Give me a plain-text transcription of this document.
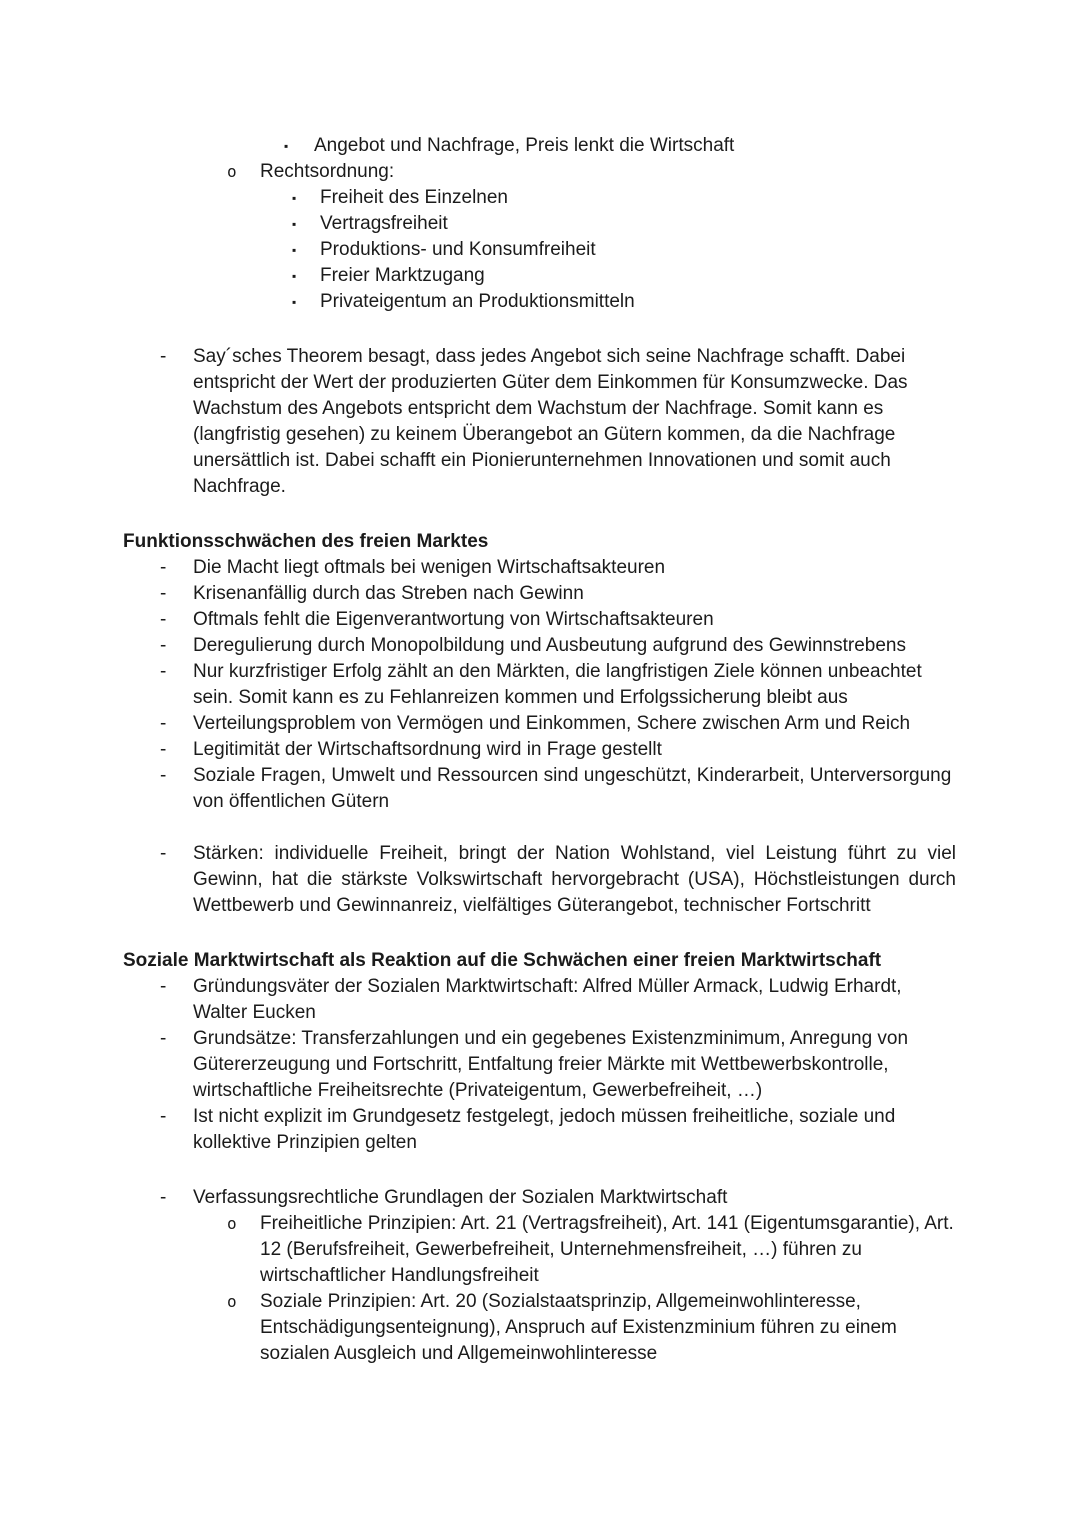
▪ Angebot und Nachfrage, Preis lenkt die Wirtschaft
o Rechtsordnung:
▪ Freiheit des Einzelnen
▪ Vertragsfreiheit
▪ Produktions- und Konsumfreiheit
▪ Freier Marktzugang
▪ Privateigentum an Produktionsmitteln
- Say´sches Theorem besagt, dass jedes Angebot sich seine Nachfrage schafft. Dabei entspricht der Wert der produzierten Güter dem Einkommen für Konsumzwecke. Das Wachstum des Angebots entspricht dem Wachstum der Nachfrage. Somit kann es (langfristig gesehen) zu keinem Überangebot an Gütern kommen, da die Nachfrage unersättlich ist. Dabei schafft ein Pionierunternehmen Innovationen und somit auch Nachfrage.
Funktionsschwächen des freien Marktes
- Die Macht liegt oftmals bei wenigen Wirtschaftsakteuren
- Krisenanfällig durch das Streben nach Gewinn
- Oftmals fehlt die Eigenverantwortung von Wirtschaftsakteuren
- Deregulierung durch Monopolbildung und Ausbeutung aufgrund des Gewinnstrebens
- Nur kurzfristiger Erfolg zählt an den Märkten, die langfristigen Ziele können unbeachtet sein. Somit kann es zu Fehlanreizen kommen und Erfolgssicherung bleibt aus
- Verteilungsproblem von Vermögen und Einkommen, Schere zwischen Arm und Reich
- Legitimität der Wirtschaftsordnung wird in Frage gestellt
- Soziale Fragen, Umwelt und Ressourcen sind ungeschützt, Kinderarbeit, Unterversorgung von öffentlichen Gütern
- Stärken: individuelle Freiheit, bringt der Nation Wohlstand, viel Leistung führt zu viel Gewinn, hat die stärkste Volkswirtschaft hervorgebracht (USA), Höchstleistungen durch Wettbewerb und Gewinnanreiz, vielfältiges Güterangebot, technischer Fortschritt
Soziale Marktwirtschaft als Reaktion auf die Schwächen einer freien Marktwirtschaft
- Gründungsväter der Sozialen Marktwirtschaft: Alfred Müller Armack, Ludwig Erhardt, Walter Eucken
- Grundsätze: Transferzahlungen und ein gegebenes Existenzminimum, Anregung von Gütererzeugung und Fortschritt, Entfaltung freier Märkte mit Wettbewerbskontrolle, wirtschaftliche Freiheitsrechte (Privateigentum, Gewerbefreiheit, …)
- Ist nicht explizit im Grundgesetz festgelegt, jedoch müssen freiheitliche, soziale und kollektive Prinzipien gelten
- Verfassungsrechtliche Grundlagen der Sozialen Marktwirtschaft
o Freiheitliche Prinzipien: Art. 21 (Vertragsfreiheit), Art. 141 (Eigentumsgarantie), Art. 12 (Berufsfreiheit, Gewerbefreiheit, Unternehmensfreiheit, …) führen zu wirtschaftlicher Handlungsfreiheit
o Soziale Prinzipien: Art. 20 (Sozialstaatsprinzip, Allgemeinwohlinteresse, Entschädigungsenteignung), Anspruch auf Existenzminium führen zu einem sozialen Ausgleich und Allgemeinwohlinteresse
